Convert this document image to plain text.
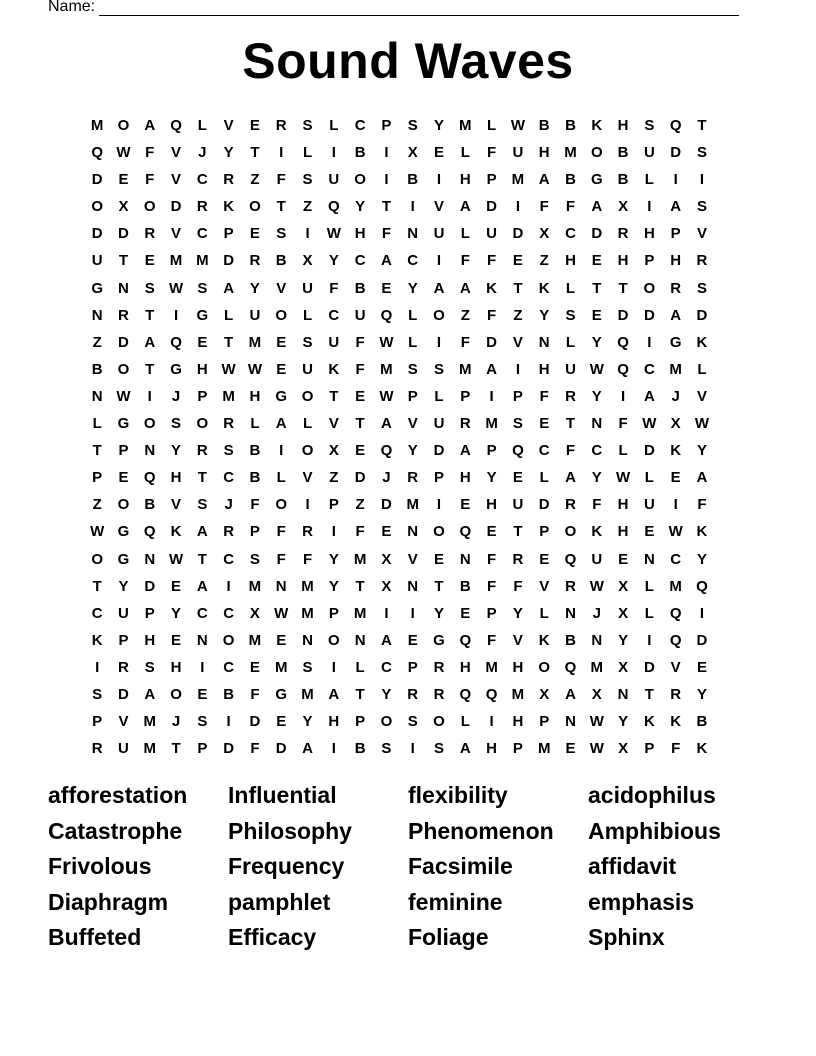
Name:
Sound Waves
M O	A	Q	L	V	E	R	S	L	C	P	S	Y	M	L W B	B	K	H	S	Q	T
Q W F	V	J	Y	T	I	L	I	B	I	X	E	L	F	U	H M O	B	U	D	S
D	E	F	V	C	R	Z	F	S	U	O	I	B	I	H	P	M A	B	G	B	L	I	I
O	X	O	D	R	K	O	T	Z	Q	Y	T	I	V	A	D	I	F	F	A	X	I	A	S
D	D	R	V	C	P	E	S	I	W H	F	N	U	L	U	D	X	C	D	R	H	P	V
U	T	E	M M D	R	B	X	Y	C	A	C	I	F	F	E	Z	H	E	H	P	H	R
G	N	S W S	A	Y	V	U	F	B	E	Y	A	A	K	T	K	L	T	T	O	R	S
N	R	T	I	G	L	U	O	L	C	U	Q	L	O	Z	F	Z	Y	S	E	D	D	A	D
Z	D	A	Q	E	T	M	E	S	U	F W L	I	F	D	V	N	L	Y	Q	I	G	K
B	O	T	G	H W W E	U	K	F	M	S	S	M A	I	H	U W Q	C M	L
N W	I	J	P	M H	G O	T	E W P	L	P	I	P	F	R	Y	I	A	J	V
L	G O	S	O	R	L	A	L	V	T	A	V	U	R M	S	E	T	N	F W X W
T	P	N	Y	R	S	B	I	O	X	E	Q	Y	D	A	P	Q	C	F	C	L	D	K	Y
P	E	Q	H	T	C	B	L	V	Z	D	J	R	P	H	Y	E	L	A	Y W L	E	A
Z	O	B	V	S	J	F	O	I	P	Z	D M	I	E	H	U	D	R	F	H	U	I	F
W G Q	K	A	R	P	F	R	I	F	E	N	O Q	E	T	P	O	K	H	E W K
O G	N W T	C	S	F	F	Y	M	X	V	E	N	F	R	E	Q	U	E	N	C	Y
T	Y	D	E	A	I	M N M	Y	T	X	N	T	B	F	F	V	R W X	L	M Q
C	U	P	Y	C	C	X W M	P	M	I	I	Y	E	P	Y	L	N	J	X	L	Q	I
K	P	H	E	N	O M	E	N	O	N	A	E	G Q	F	V	K	B	N	Y	I	Q	D
I	R	S	H	I	C	E	M	S	I	L	C	P	R	H M H	O Q M	X	D	V	E
S	D	A	O	E	B	F	G M A	T	Y	R	R	Q Q M	X	A	X	N	T	R	Y
P	V	M	J	S	I	D	E	Y	H	P	O	S	O	L	I	H	P	N W Y	K	K	B
R	U M	T	P	D	F	D	A	I	B	S	I	S	A	H	P	M	E W X	P	F	K
afforestation	Influential	flexibility	acidophilus
Catastrophe	Philosophy	Phenomenon	Amphibious
Frivolous	Frequency	Facsimile	affidavit
Diaphragm	pamphlet	feminine	emphasis
Buffeted	Efficacy	Foliage	Sphinx
